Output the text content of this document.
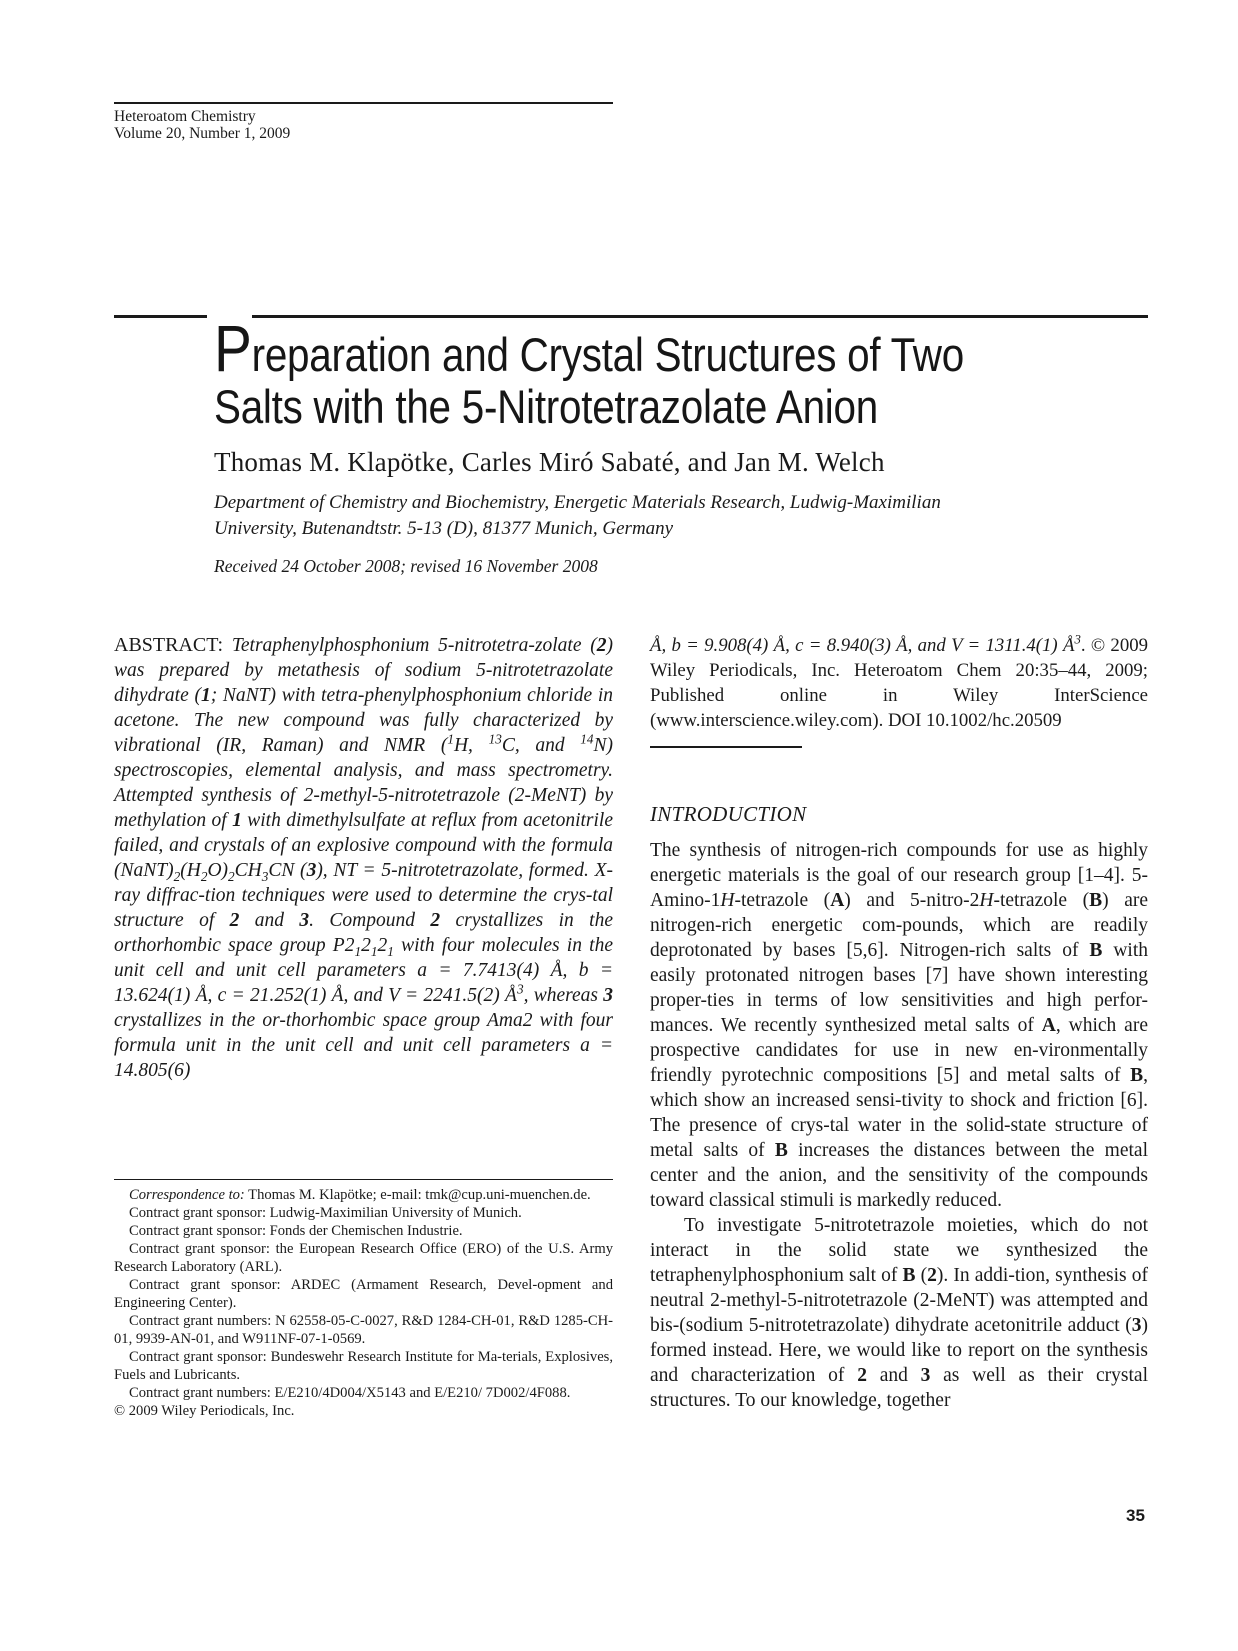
Heteroatom Chemistry
Volume 20, Number 1, 2009
Preparation and Crystal Structures of Two
Salts with the 5-Nitrotetrazolate Anion
Thomas M. Klapötke, Carles Miró Sabaté, and Jan M. Welch
Department of Chemistry and Biochemistry, Energetic Materials Research, Ludwig-Maximilian
University, Butenandtstr. 5-13 (D), 81377 Munich, Germany
Received 24 October 2008; revised 16 November 2008
ABSTRACT: Tetraphenylphosphonium 5-nitrotetra-zolate (2) was prepared by metathesis of sodium 5-nitrotetrazolate dihydrate (1; NaNT) with tetra-phenylphosphonium chloride in acetone. The new compound was fully characterized by vibrational (IR, Raman) and NMR ($^1$H, $^{13}$C, and $^{14}$N) spectroscopies, elemental analysis, and mass spectrometry. Attempted synthesis of 2-methyl-5-nitrotetrazole (2-MeNT) by methylation of 1 with dimethylsulfate at reflux from acetonitrile failed, and crystals of an explosive compound with the formula $(NaNT)_2(H_2O)_2CH_3CN$ (3), NT = 5-nitrotetrazolate, formed. X-ray diffrac-tion techniques were used to determine the crys-tal structure of 2 and 3. Compound 2 crystallizes in the orthorhombic space group $P2_12_12_1$ with four molecules in the unit cell and unit cell parameters a = 7.7413(4) Å, b = 13.624(1) Å, c = 21.252(1) Å, and V = 2241.5(2) $Å^3$, whereas 3 crystallizes in the or-thorhombic space group Ama2 with four formula unit in the unit cell and unit cell parameters a = 14.805(6)
Å, b = 9.908(4) Å, c = 8.940(3) Å, and V = 1311.4(1) $Å^3$. © 2009 Wiley Periodicals, Inc. Heteroatom Chem 20:35–44, 2009; Published online in Wiley InterScience (www.interscience.wiley.com). DOI 10.1002/hc.20509
INTRODUCTION

The synthesis of nitrogen-rich compounds for use as highly energetic materials is the goal of our research group [1–4]. 5-Amino-1H-tetrazole (A) and 5-nitro-2H-tetrazole (B) are nitrogen-rich energetic com-pounds, which are readily deprotonated by bases [5,6]. Nitrogen-rich salts of B with easily protonated nitrogen bases [7] have shown interesting proper-ties in terms of low sensitivities and high perfor-mances. We recently synthesized metal salts of A, which are prospective candidates for use in new en-vironmentally friendly pyrotechnic compositions [5] and metal salts of B, which show an increased sensi-tivity to shock and friction [6]. The presence of crys-tal water in the solid-state structure of metal salts of B increases the distances between the metal center and the anion, and the sensitivity of the compounds toward classical stimuli is markedly reduced.

To investigate 5-nitrotetrazole moieties, which do not interact in the solid state we synthesized the tetraphenylphosphonium salt of B (2). In addi-tion, synthesis of neutral 2-methyl-5-nitrotetrazole (2-MeNT) was attempted and bis-(sodium 5-nitrotetrazolate) dihydrate acetonitrile adduct (3) formed instead. Here, we would like to report on the synthesis and characterization of 2 and 3 as well as their crystal structures. To our knowledge, together

Correspondence to: Thomas M. Klapötke; e-mail: tmk@cup.uni-muenchen.de.

Contract grant sponsor: Ludwig-Maximilian University of Munich.

Contract grant sponsor: Fonds der Chemischen Industrie.

Contract grant sponsor: the European Research Office (ERO) of the U.S. Army Research Laboratory (ARL).

Contract grant sponsor: ARDEC (Armament Research, Devel-opment and Engineering Center).

Contract grant numbers: N 62558-05-C-0027, R&D 1284-CH-01, R&D 1285-CH-01, 9939-AN-01, and W911NF-07-1-0569.

Contract grant sponsor: Bundeswehr Research Institute for Ma-terials, Explosives, Fuels and Lubricants.

Contract grant numbers: E/E210/4D004/X5143 and E/E210/ 7D002/4F088.

© 2009 Wiley Periodicals, Inc.

35
